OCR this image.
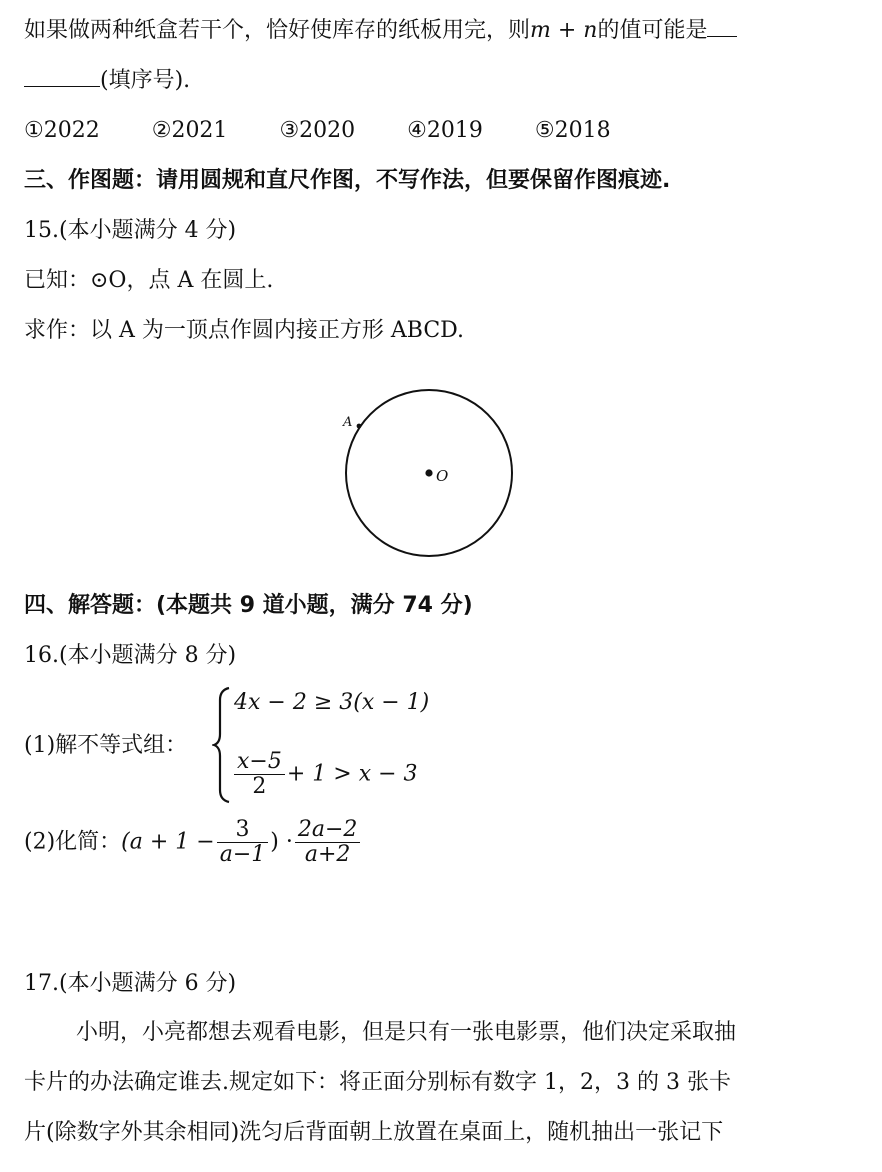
如果做两种纸盒若干个，恰好使库存的纸板用完，则m + n的值可能是
(填序号).
①2022 ②2021 ③2020 ④2019 ⑤2018
三、作图题：请用圆规和直尺作图，不写作法，但要保留作图痕迹.
15.(本小题满分 4 分)
已知：⊙O，点 A 在圆上.
求作：以 A 为一顶点作圆内接正方形 ABCD.
A
O
四、解答题：(本题共 9 道小题，满分 74 分)
16.(本小题满分 8 分)
(1)解不等式组：
4x − 2 ≥ 3(x − 1)
$\frac{x-5}{2} + 1 > x - 3$
(2)化简：($a + 1 - \frac{3}{a-1}$ ) · $\frac{2a-2}{a+2}$
17.(本小题满分 6 分)
小明，小亮都想去观看电影，但是只有一张电影票，他们决定采取抽
卡片的办法确定谁去.规定如下：将正面分别标有数字 1，2，3 的 3 张卡
片(除数字外其余相同)洗匀后背面朝上放置在桌面上，随机抽出一张记下
